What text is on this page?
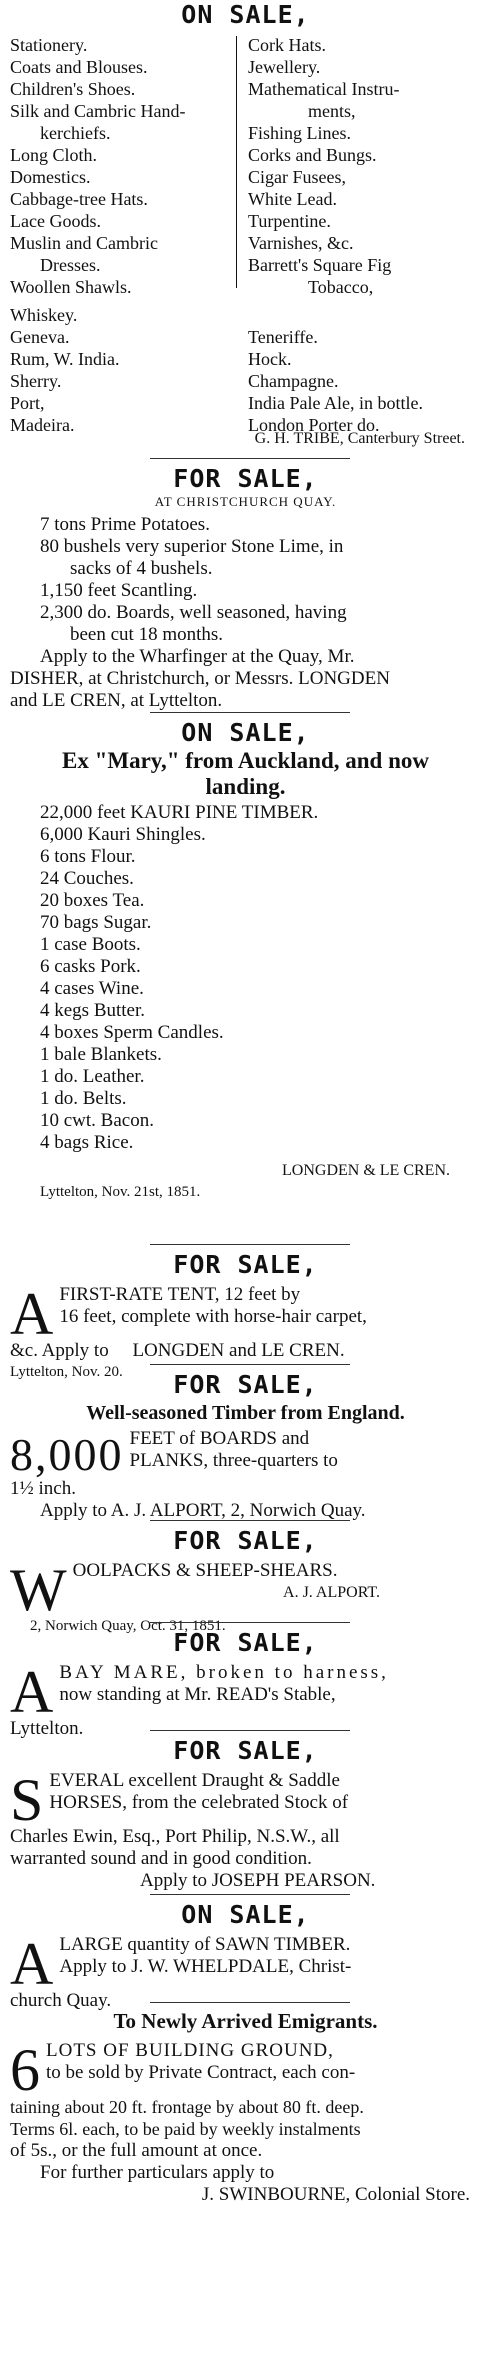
ON SALE,
Stationery.
Coats and Blouses.
Children's Shoes.
Silk and Cambric Hand-
kerchiefs.
Long Cloth.
Domestics.
Cabbage-tree Hats.
Lace Goods.
Muslin and Cambric
Dresses.
Woollen Shawls.
Whiskey.
Geneva.
Rum, W. India.
Sherry.
Port,
Madeira.
Cork Hats.
Jewellery.
Mathematical Instru-
ments,
Fishing Lines.
Corks and Bungs.
Cigar Fusees,
White Lead.
Turpentine.
Varnishes, &c.
Barrett's Square Fig
Tobacco,
Teneriffe.
Hock.
Champagne.
India Pale Ale, in bottle.
London Porter do.
G. H. TRIBE, Canterbury Street.
FOR SALE,
AT CHRISTCHURCH QUAY.
7 tons Prime Potatoes.
80 bushels very superior Stone Lime, in
sacks of 4 bushels.
1,150 feet Scantling.
2,300 do. Boards, well seasoned, having
been cut 18 months.
Apply to the Wharfinger at the Quay, Mr.
DISHER, at Christchurch, or Messrs. LONGDEN
and LE CREN, at Lyttelton.
ON SALE,
Ex "Mary," from Auckland, and now landing.
22,000 feet KAURI PINE TIMBER.
6,000 Kauri Shingles.
6 tons Flour.
24 Couches.
20 boxes Tea.
70 bags Sugar.
1 case Boots.
6 casks Pork.
4 cases Wine.
4 kegs Butter.
4 boxes Sperm Candles.
1 bale Blankets.
1 do. Leather.
1 do. Belts.
10 cwt. Bacon.
4 bags Rice.
LONGDEN & LE CREN.
Lyttelton, Nov. 21st, 1851.
FOR SALE,
A FIRST-RATE TENT, 12 feet by
16 feet, complete with horse-hair carpet,
&c. Apply to     LONGDEN and LE CREN.
Lyttelton, Nov. 20.	FOR SALE,
Well-seasoned Timber from England.
8,000 FEET of BOARDS and
PLANKS, three-quarters to
1½ inch.
Apply to A. J. ALPORT, 2, Norwich Quay.
FOR SALE,
W OOLPACKS & SHEEP-SHEARS.
A. J. ALPORT.
2, Norwich Quay, Oct. 31, 1851.
FOR SALE,
A BAY MARE, broken to harness,
now standing at Mr. READ's Stable,
Lyttelton.
FOR SALE,
S EVERAL excellent Draught & Saddle
HORSES, from the celebrated Stock of
Charles Ewin, Esq., Port Philip, N.S.W., all
warranted sound and in good condition.
Apply to JOSEPH PEARSON.
ON SALE,
A LARGE quantity of SAWN TIMBER.
Apply to J. W. WHELPDALE, Christ-
church Quay.
To Newly Arrived Emigrants.
6 LOTS OF BUILDING GROUND,
to be sold by Private Contract, each con-
taining about 20 ft. frontage by about 80 ft. deep.
Terms 6l. each, to be paid by weekly instalments
of 5s., or the full amount at once.
For further particulars apply to
J. SWINBOURNE, Colonial Store.
